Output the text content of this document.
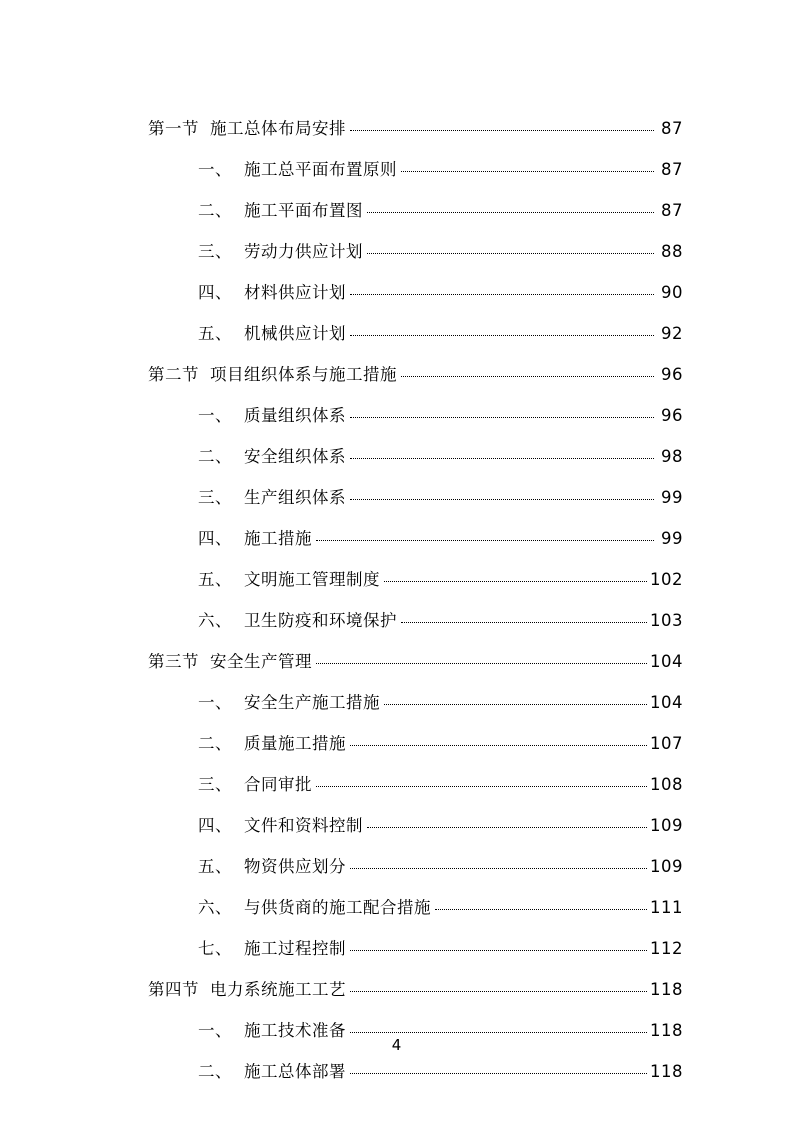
第一节 施工总体布局安排	87
一、 施工总平面布置原则	87
二、 施工平面布置图	87
三、 劳动力供应计划	88
四、 材料供应计划	90
五、 机械供应计划	92
第二节 项目组织体系与施工措施	96
一、 质量组织体系	96
二、 安全组织体系	98
三、 生产组织体系	99
四、 施工措施	99
五、 文明施工管理制度	102
六、 卫生防疫和环境保护	103
第三节 安全生产管理	104
一、 安全生产施工措施	104
二、 质量施工措施	107
三、 合同审批	108
四、 文件和资料控制	109
五、 物资供应划分	109
六、 与供货商的施工配合措施	111
七、 施工过程控制	112
第四节 电力系统施工工艺	118
一、 施工技术准备	118
二、 施工总体部署	118
4
